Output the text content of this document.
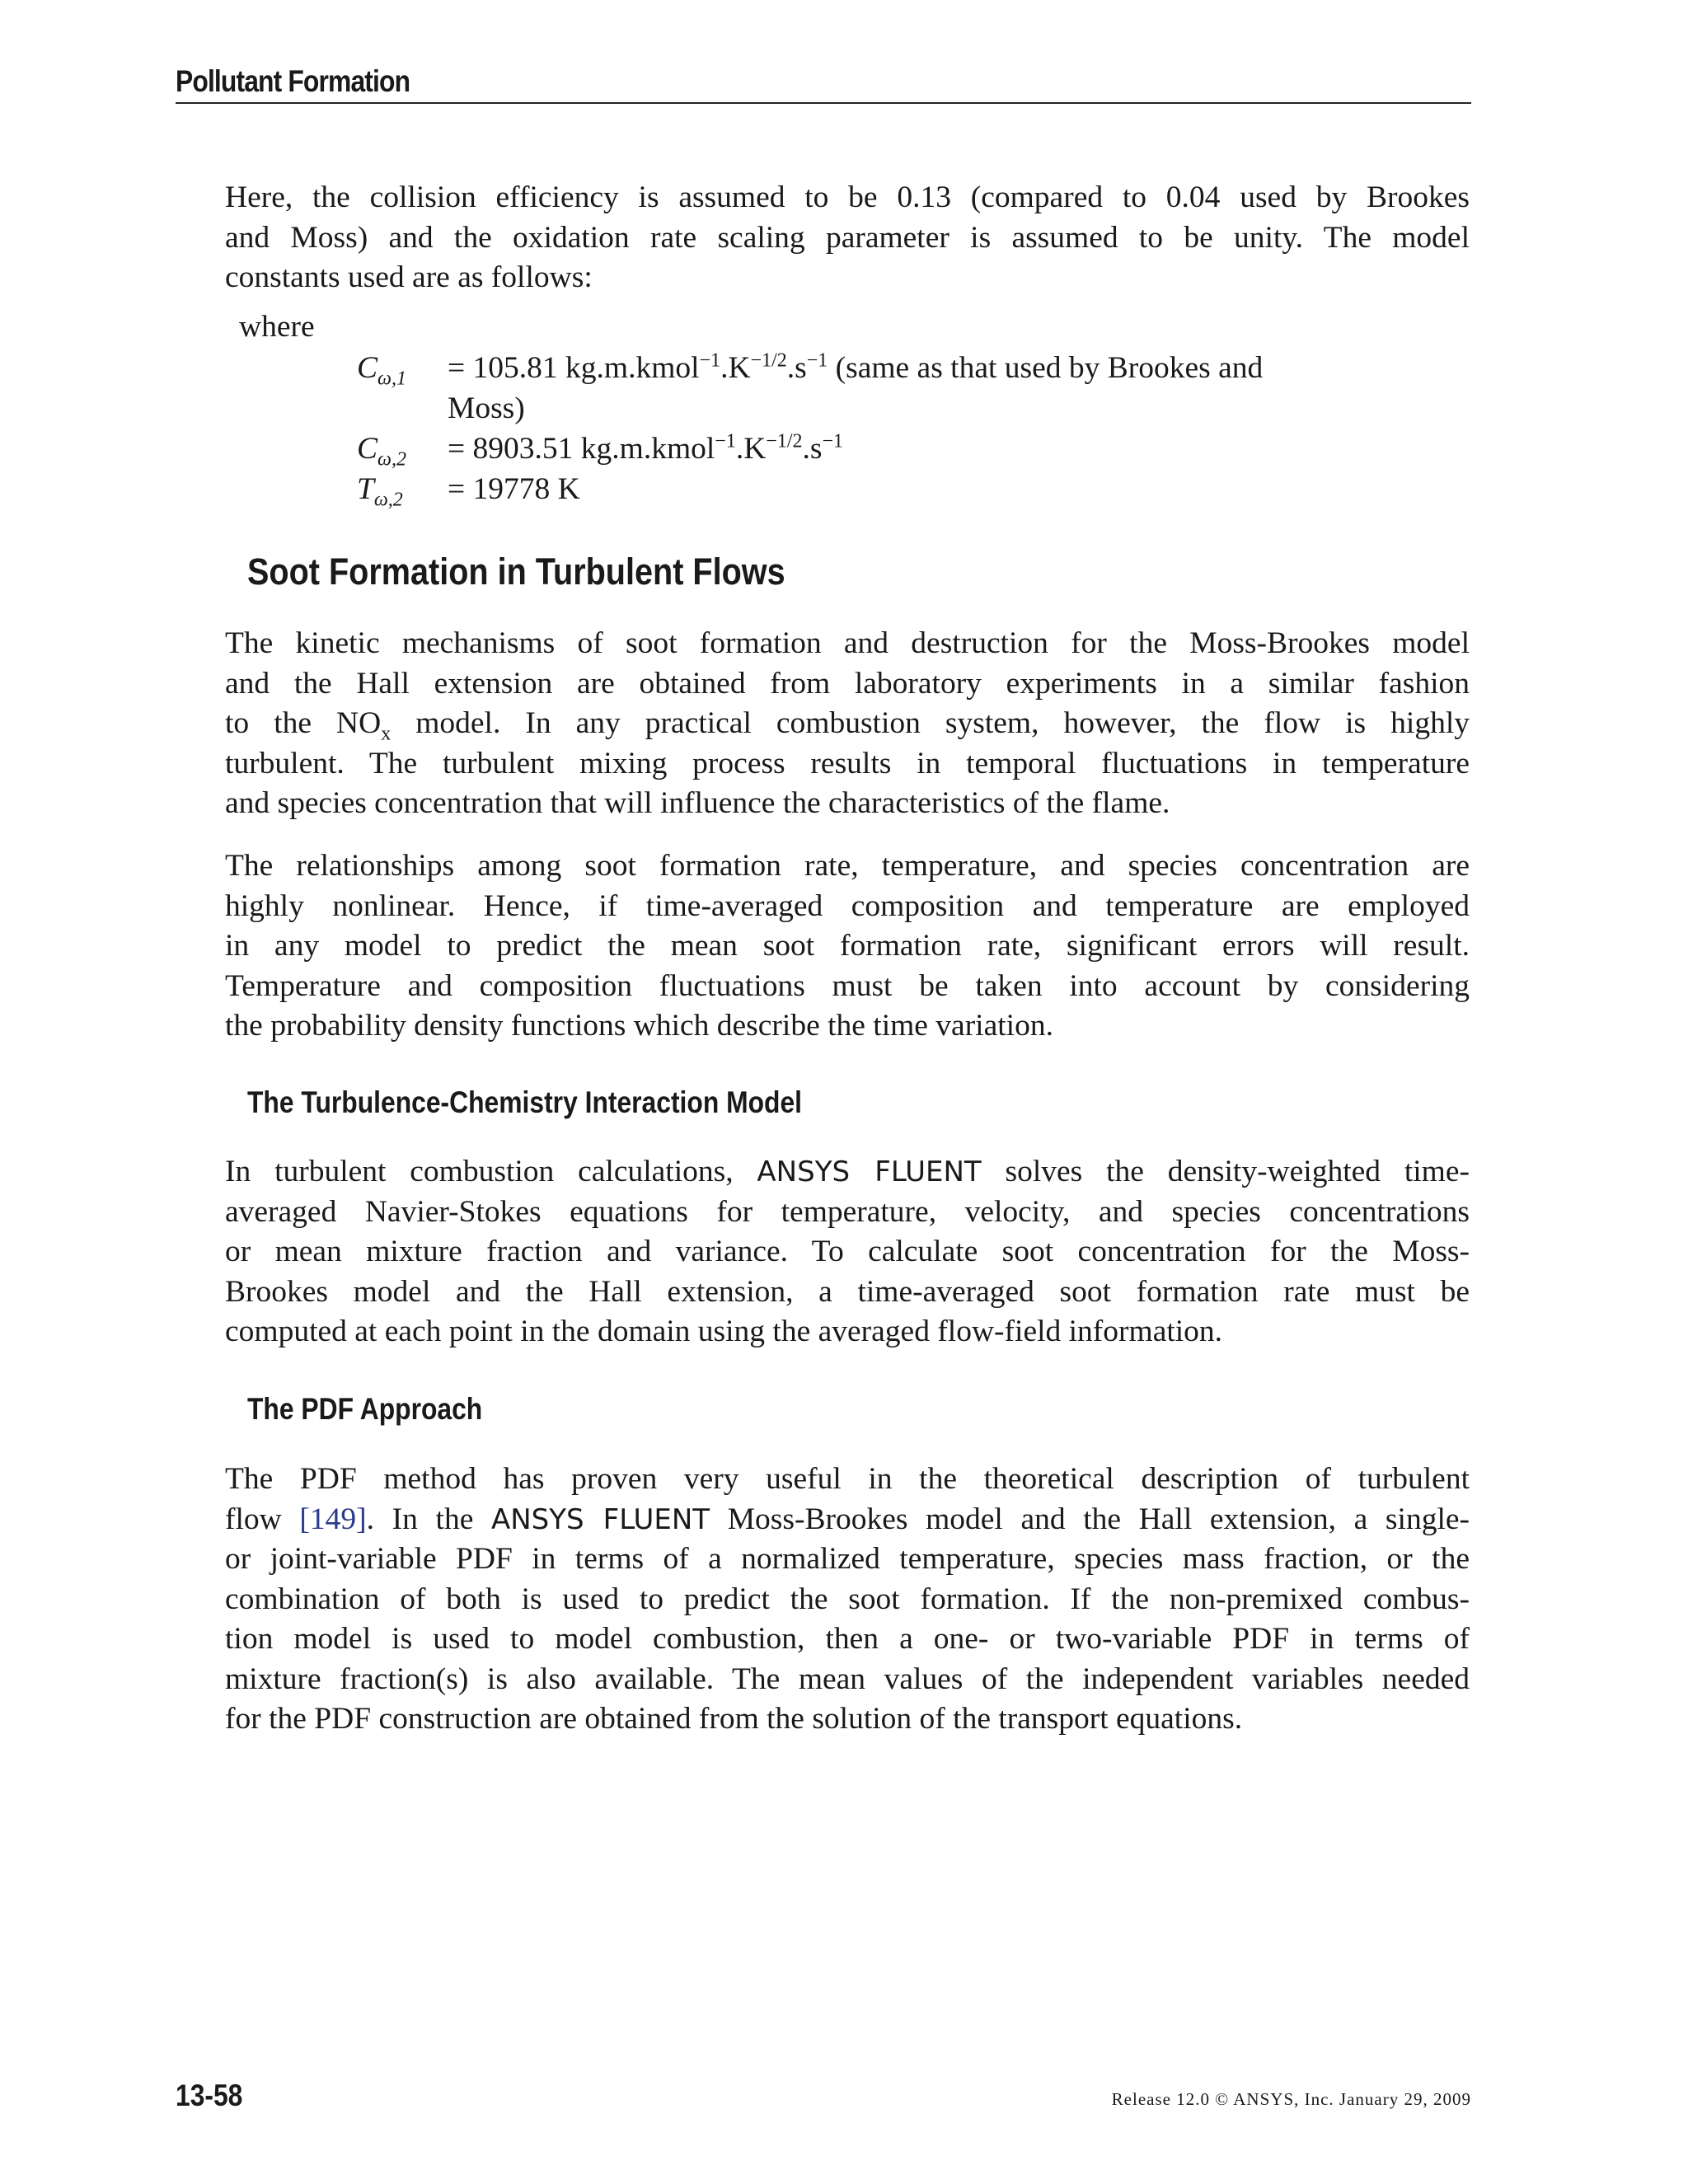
Pollutant Formation
Here, the collision efficiency is assumed to be 0.13 (compared to 0.04 used by Brookes
and Moss) and the oxidation rate scaling parameter is assumed to be unity. The model
constants used are as follows:
where
$C_{\omega,1} = 105.81$ $kg.m.kmol^{-1}.K^{-1/2}.s^{-1}$ (same as that used by Brookes and
Moss)
$C_{\omega,2} = 8903.51$ $kg.m.kmol^{-1}.K^{-1/2}.s^{-1}$
$T_{\omega,2} = 19778$ K
Soot Formation in Turbulent Flows
The kinetic mechanisms of soot formation and destruction for the Moss-Brookes model
and the Hall extension are obtained from laboratory experiments in a similar fashion
to the $NO_x$ model. In any practical combustion system, however, the flow is highly
turbulent. The turbulent mixing process results in temporal fluctuations in temperature
and species concentration that will influence the characteristics of the flame.
The relationships among soot formation rate, temperature, and species concentration are
highly nonlinear. Hence, if time-averaged composition and temperature are employed
in any model to predict the mean soot formation rate, significant errors will result.
Temperature and composition fluctuations must be taken into account by considering
the probability density functions which describe the time variation.
The Turbulence-Chemistry Interaction Model
In turbulent combustion calculations, ANSYS FLUENT solves the density-weighted time-
averaged Navier-Stokes equations for temperature, velocity, and species concentrations
or mean mixture fraction and variance. To calculate soot concentration for the Moss-
Brookes model and the Hall extension, a time-averaged soot formation rate must be
computed at each point in the domain using the averaged flow-field information.
The PDF Approach
The PDF method has proven very useful in the theoretical description of turbulent
flow [149]. In the ANSYS FLUENT Moss-Brookes model and the Hall extension, a single-
or joint-variable PDF in terms of a normalized temperature, species mass fraction, or the
combination of both is used to predict the soot formation. If the non-premixed combus-
tion model is used to model combustion, then a one- or two-variable PDF in terms of
mixture fraction(s) is also available. The mean values of the independent variables needed
for the PDF construction are obtained from the solution of the transport equations.
13-58	Release 12.0 © ANSYS, Inc. January 29, 2009
